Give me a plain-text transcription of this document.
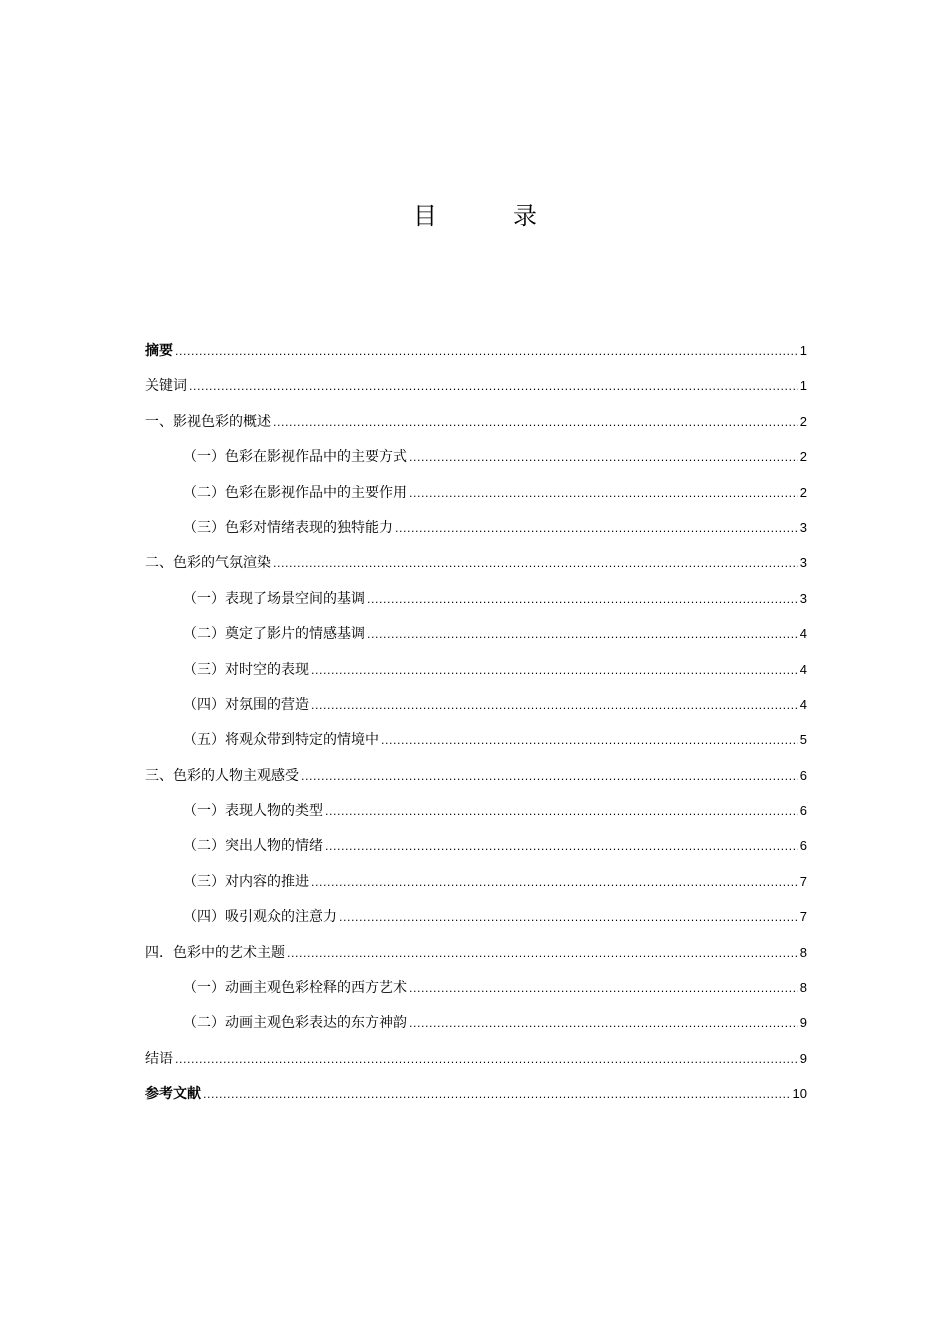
目	录
摘要 .....	1
关键词 .....	1
一、影视色彩的概述 .....	2
（一）色彩在影视作品中的主要方式 .....	2
（二）色彩在影视作品中的主要作用 .....	2
（三）色彩对情绪表现的独特能力 .....	3
二、色彩的气氛渲染 .....	3
（一）表现了场景空间的基调 .....	3
（二）奠定了影片的情感基调 .....	4
（三）对时空的表现 .....	4
（四）对氛围的营造 .....	4
（五）将观众带到特定的情境中 .....	5
三、色彩的人物主观感受 .....	6
（一）表现人物的类型 .....	6
（二）突出人物的情绪 .....	6
（三）对内容的推进 .....	7
（四）吸引观众的注意力 .....	7
四．色彩中的艺术主题 .....	8
（一）动画主观色彩栓释的西方艺术 .....	8
（二）动画主观色彩表达的东方神韵 .....	9
结语 .....	9
参考文献 .....	10
